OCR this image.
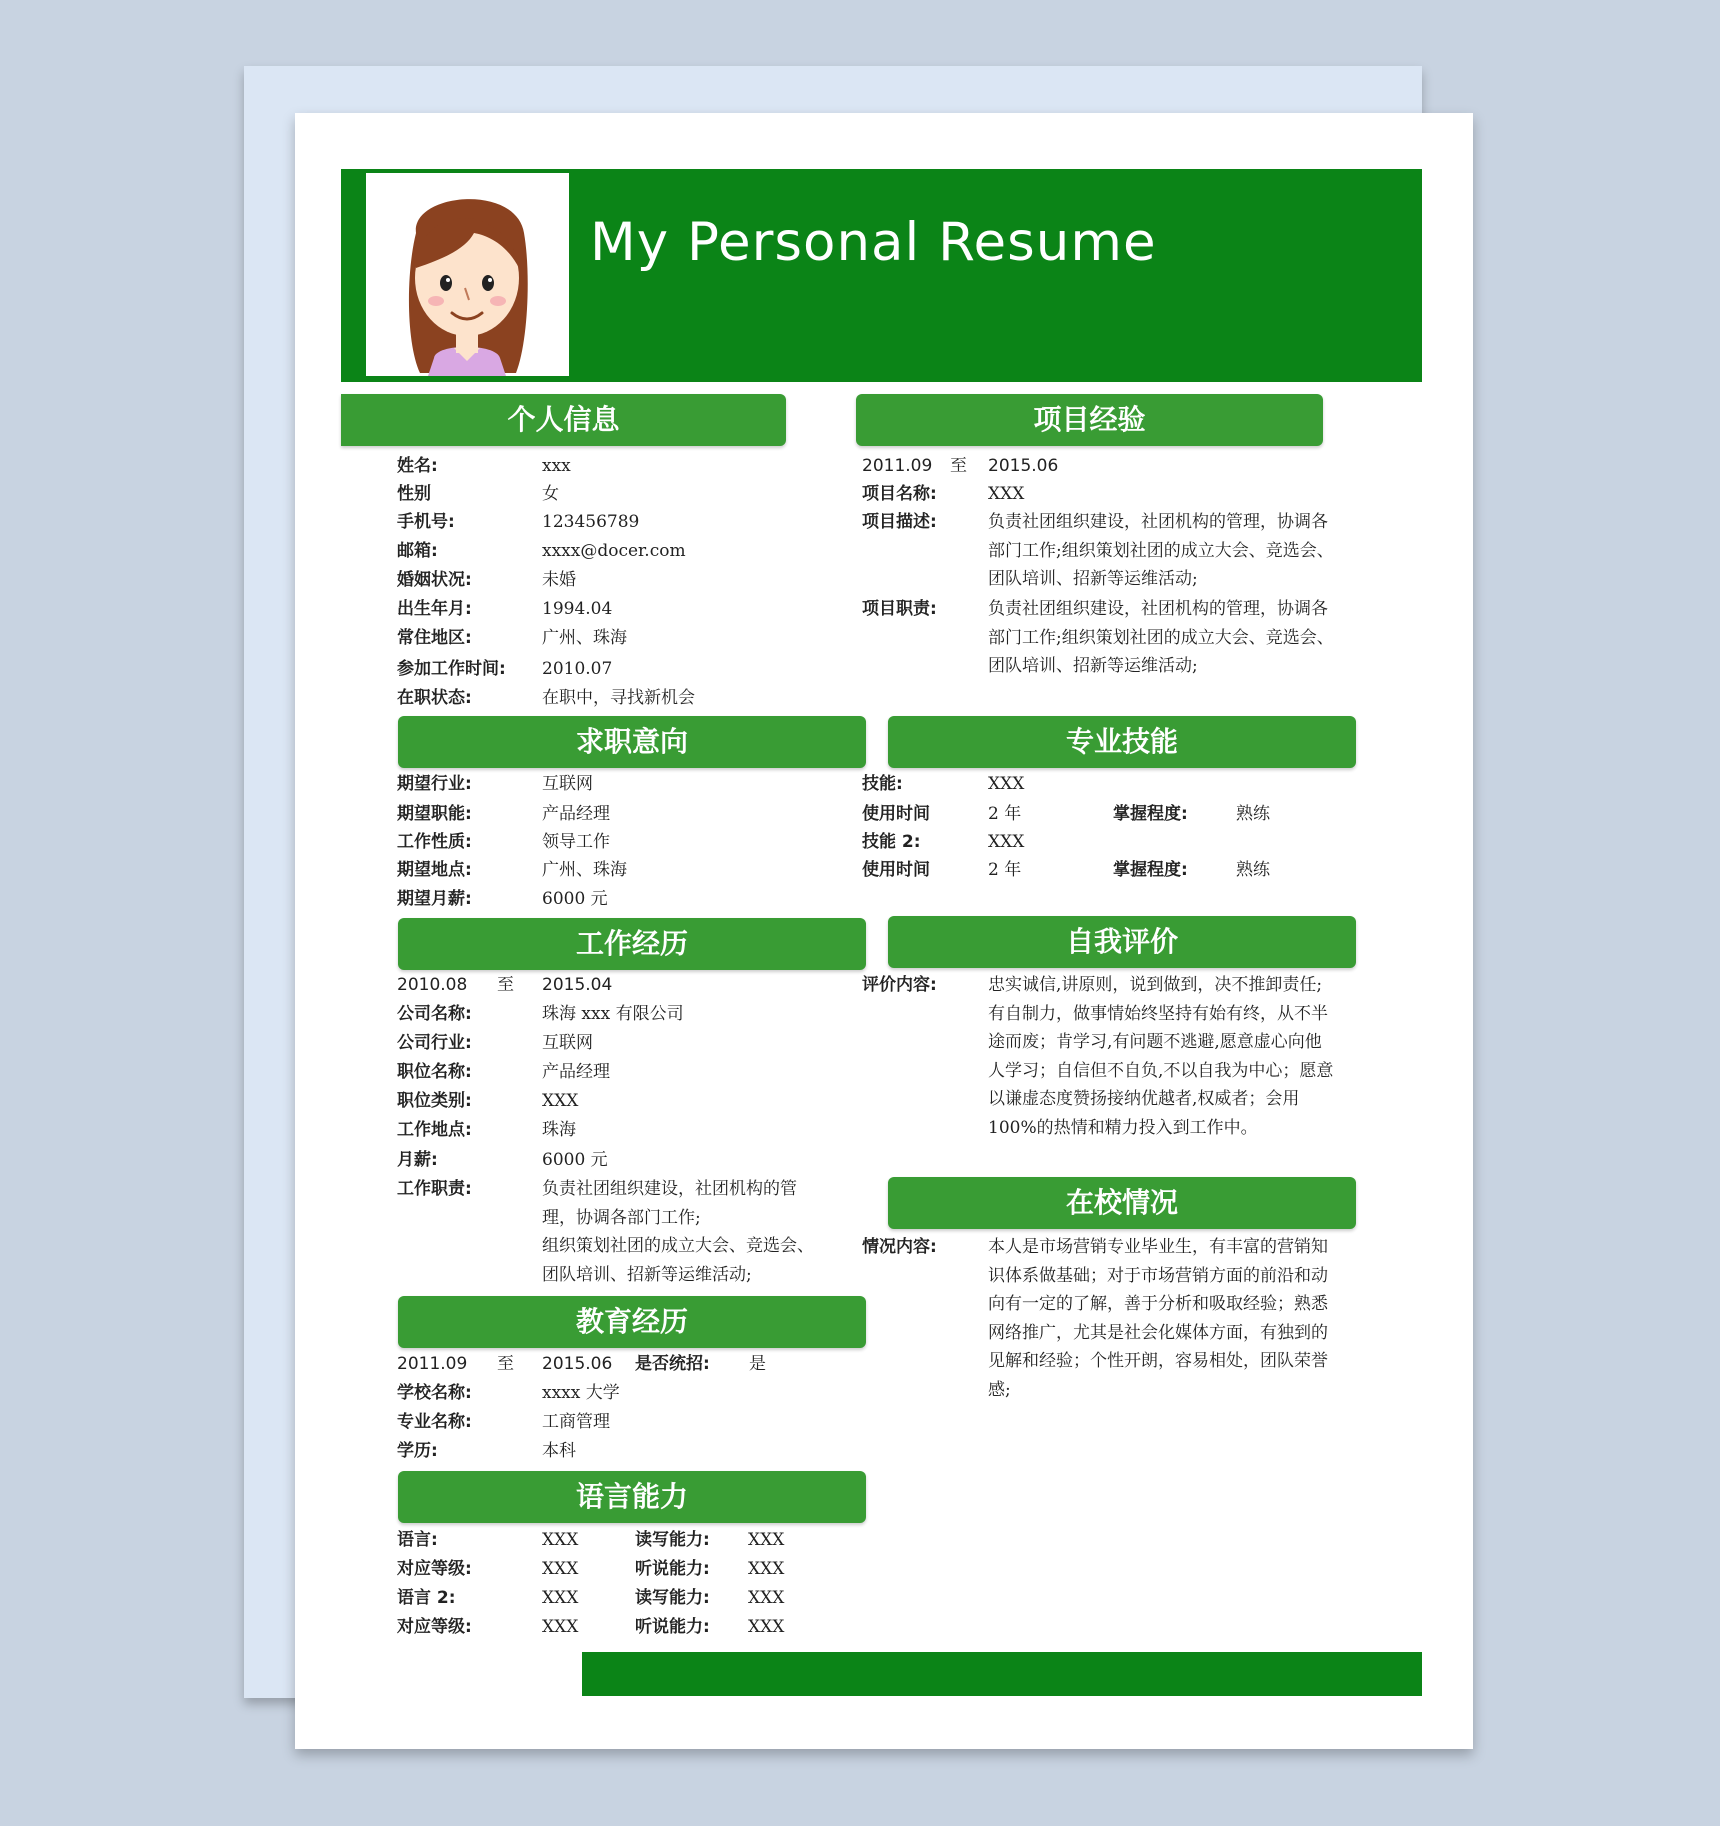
My Personal Resume
个人信息	项目经验
求职意向	专业技能
工作经历	自我评价
教育经历
在校情况
语言能力
姓名:	xxx
性别	女
手机号:	123456789
邮箱:	xxxx@docer.com
婚姻状况:	未婚
出生年月:	1994.04
常住地区:	广州、珠海
参加工作时间: 2010.07
在职状态:	在职中，寻找新机会
2011.09 至 2015.06
项目名称:	XXX
项目描述:	负责社团组织建设，社团机构的管理，协调各
部门工作;组织策划社团的成立大会、竞选会、
团队培训、招新等运维活动;
项目职责:	负责社团组织建设，社团机构的管理，协调各
部门工作;组织策划社团的成立大会、竞选会、
团队培训、招新等运维活动;
期望行业:	互联网
期望职能:	产品经理
工作性质:	领导工作
期望地点:	广州、珠海
期望月薪:	6000 元
技能:	XXX
使用时间	2 年	掌握程度:	熟练
技能 2:	XXX
使用时间	2 年	掌握程度:	熟练
2010.08 至 2015.04
公司名称:	珠海 xxx 有限公司
公司行业:	互联网
职位名称:	产品经理
职位类别:	XXX
工作地点:	珠海
月薪:	6000 元
工作职责:	负责社团组织建设，社团机构的管
理，协调各部门工作;
组织策划社团的成立大会、竞选会、
团队培训、招新等运维活动;
评价内容:	忠实诚信,讲原则，说到做到，决不推卸责任;
有自制力，做事情始终坚持有始有终，从不半
途而废；肯学习,有问题不逃避,愿意虚心向他
人学习；自信但不自负,不以自我为中心；愿意
以谦虚态度赞扬接纳优越者,权威者；会用
100%的热情和精力投入到工作中。
2011.09 至 2015.06 是否统招: 是
学校名称:	xxxx 大学
专业名称:	工商管理
学历:	本科
情况内容:	本人是市场营销专业毕业生，有丰富的营销知
识体系做基础；对于市场营销方面的前沿和动
向有一定的了解，善于分析和吸取经验；熟悉
网络推广，尤其是社会化媒体方面，有独到的
见解和经验；个性开朗，容易相处，团队荣誉
感;
语言:	XXX	读写能力: XXX
对应等级:	XXX	听说能力: XXX
语言 2:	XXX	读写能力: XXX
对应等级:	XXX	听说能力: XXX
